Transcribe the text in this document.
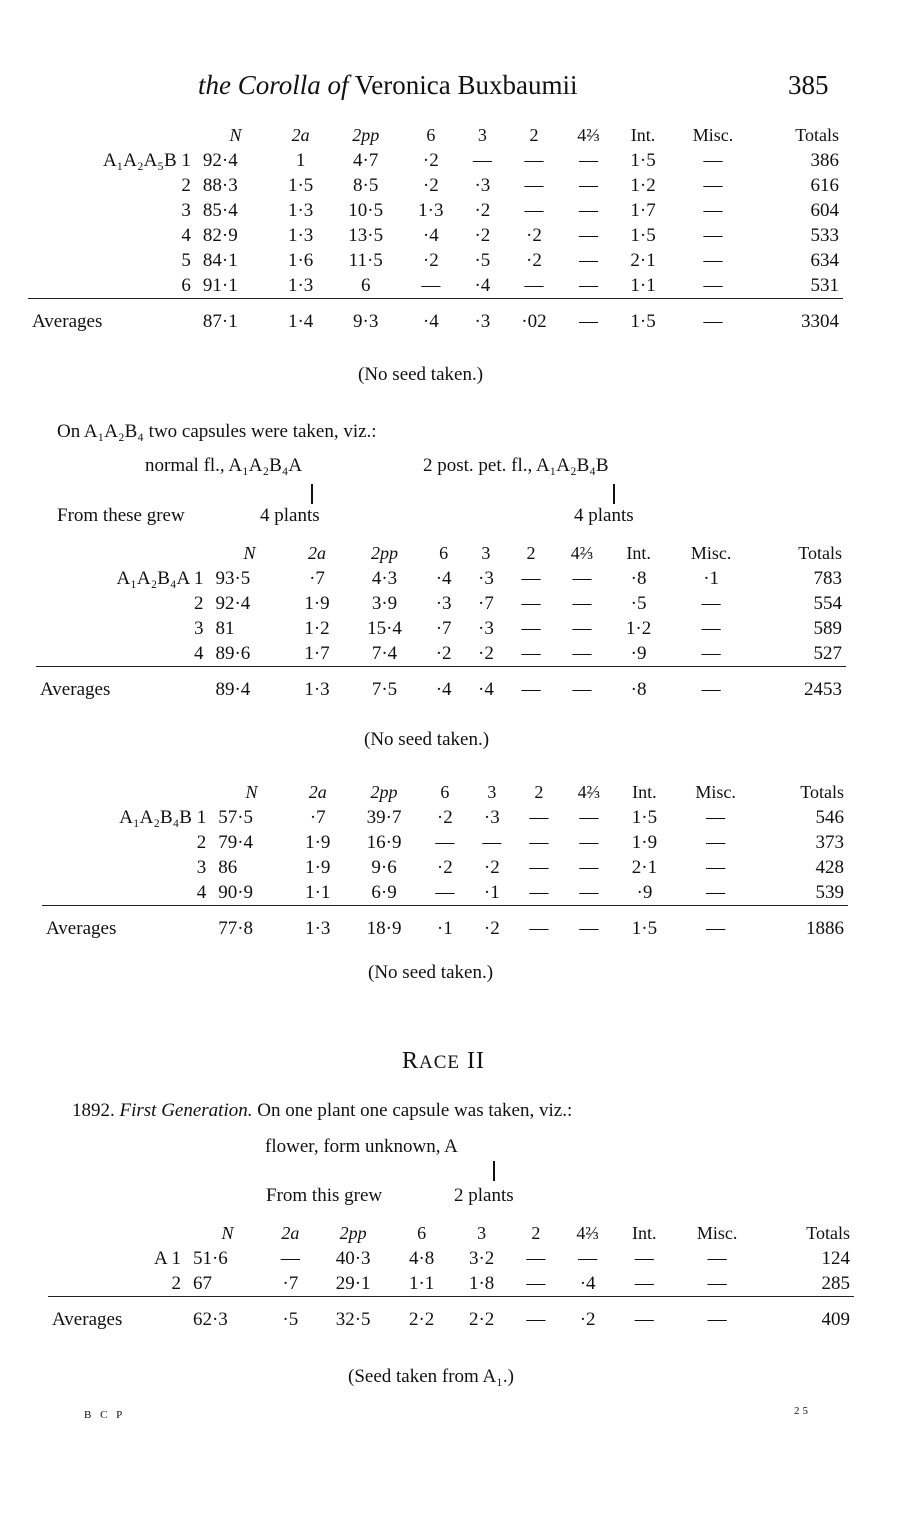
the Corolla of Veronica Buxbaumii	385
	N	2a	2pp	6	3	2	4⅔	Int.	Misc.	Totals
A₁A₂A₅B 1	92·4	1	4·7	·2	—	—	—	1·5	—	386
2	88·3	1·5	8·5	·2	·3	—	—	1·2	—	616
3	85·4	1·3	10·5	1·3	·2	—	—	1·7	—	604
4	82·9	1·3	13·5	·4	·2	·2	—	1·5	—	533
5	84·1	1·6	11·5	·2	·5	·2	—	2·1	—	634
6	91·1	1·3	6	—	·4	—	—	1·1	—	531
Averages	87·1	1·4	9·3	·4	·3	·02	—	1·5	—	3304
(No seed taken.)
On A₁A₂B₄ two capsules were taken, viz.:
normal fl., A₁A₂B₄A	2 post. pet. fl., A₁A₂B₄B
From these grew	4 plants	4 plants
	N	2a	2pp	6	3	2	4⅔	Int.	Misc.	Totals
A₁A₂B₄A 1	93·5	·7	4·3	·4	·3	—	—	·8	·1	783
2	92·4	1·9	3·9	·3	·7	—	—	·5	—	554
3	81	1·2	15·4	·7	·3	—	—	1·2	—	589
4	89·6	1·7	7·4	·2	·2	—	—	·9	—	527
Averages	89·4	1·3	7·5	·4	·4	—	—	·8	—	2453
(No seed taken.)
	N	2a	2pp	6	3	2	4⅔	Int.	Misc.	Totals
A₁A₂B₄B 1	57·5	·7	39·7	·2	·3	—	—	1·5	—	546
2	79·4	1·9	16·9	—	—	—	—	1·9	—	373
3	86	1·9	9·6	·2	·2	—	—	2·1	—	428
4	90·9	1·1	6·9	—	·1	—	—	·9	—	539
Averages	77·8	1·3	18·9	·1	·2	—	—	1·5	—	1886
(No seed taken.)
RACE II
1892. First Generation. On one plant one capsule was taken, viz.:
flower, form unknown, A
From this grew	2 plants
	N	2a	2pp	6	3	2	4⅔	Int.	Misc.	Totals
A 1	51·6	—	40·3	4·8	3·2	—	—	—	—	124
2	67	·7	29·1	1·1	1·8	—	·4	—	—	285
Averages	62·3	·5	32·5	2·2	2·2	—	·2	—	—	409
(Seed taken from A₁.)
B C P	25
